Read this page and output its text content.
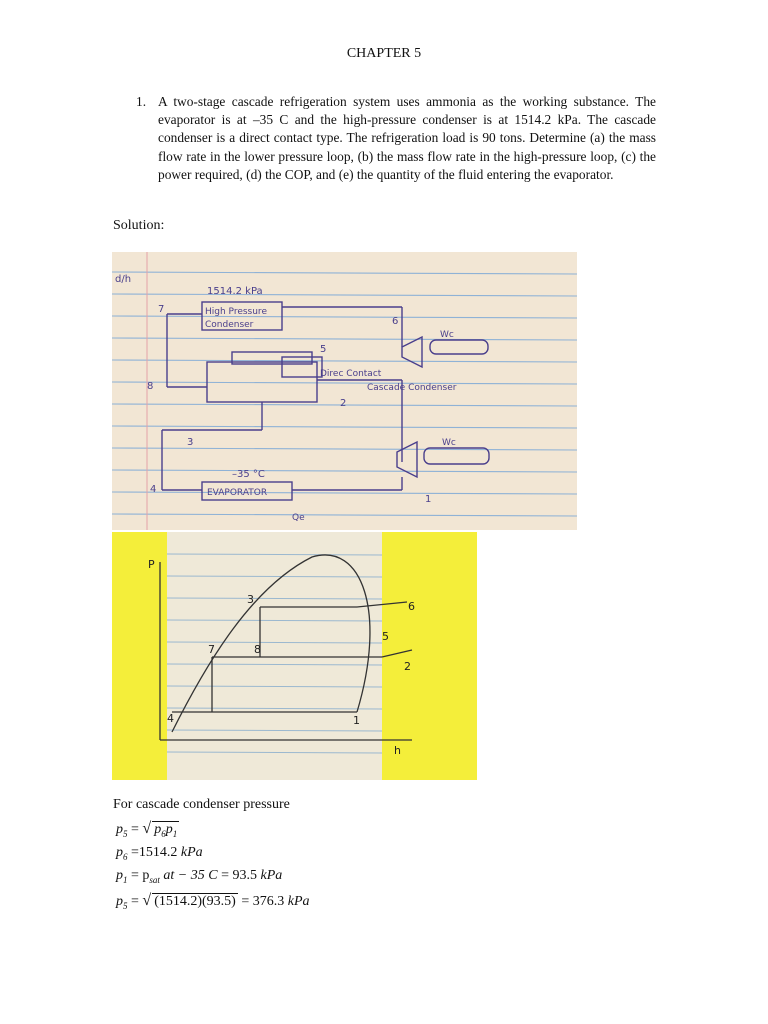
CHAPTER 5
1. A two-stage cascade refrigeration system uses ammonia as the working substance. The evaporator is at –35 C and the high-pressure condenser is at 1514.2 kPa. The cascade condenser is a direct contact type. The refrigeration load is 90 tons. Determine (a) the mass flow rate in the lower pressure loop, (b) the mass flow rate in the high-pressure loop, (c) the power required, (d) the COP, and (e) the quantity of the fluid entering the evaporator.
Solution:
d/h
1514.2 kPa
High Pressure
Condenser
Direc Contact
Cascade Condenser
–35 °C
EVAPORATOR
6
5
2
3
1
7
8
4
Wc
Wc
Qe
P
h
7	8
3
4	1
2
5
6
For cascade condenser pressure
$p_5$ = √ $p_6p_1$
$p_6 =1514.2$ kPa
$p_1 = p_{sat}$ at − 35 C = 93.5 kPa
$p_5$ = √ (1514.2)(93.5) = 376.3 kPa
